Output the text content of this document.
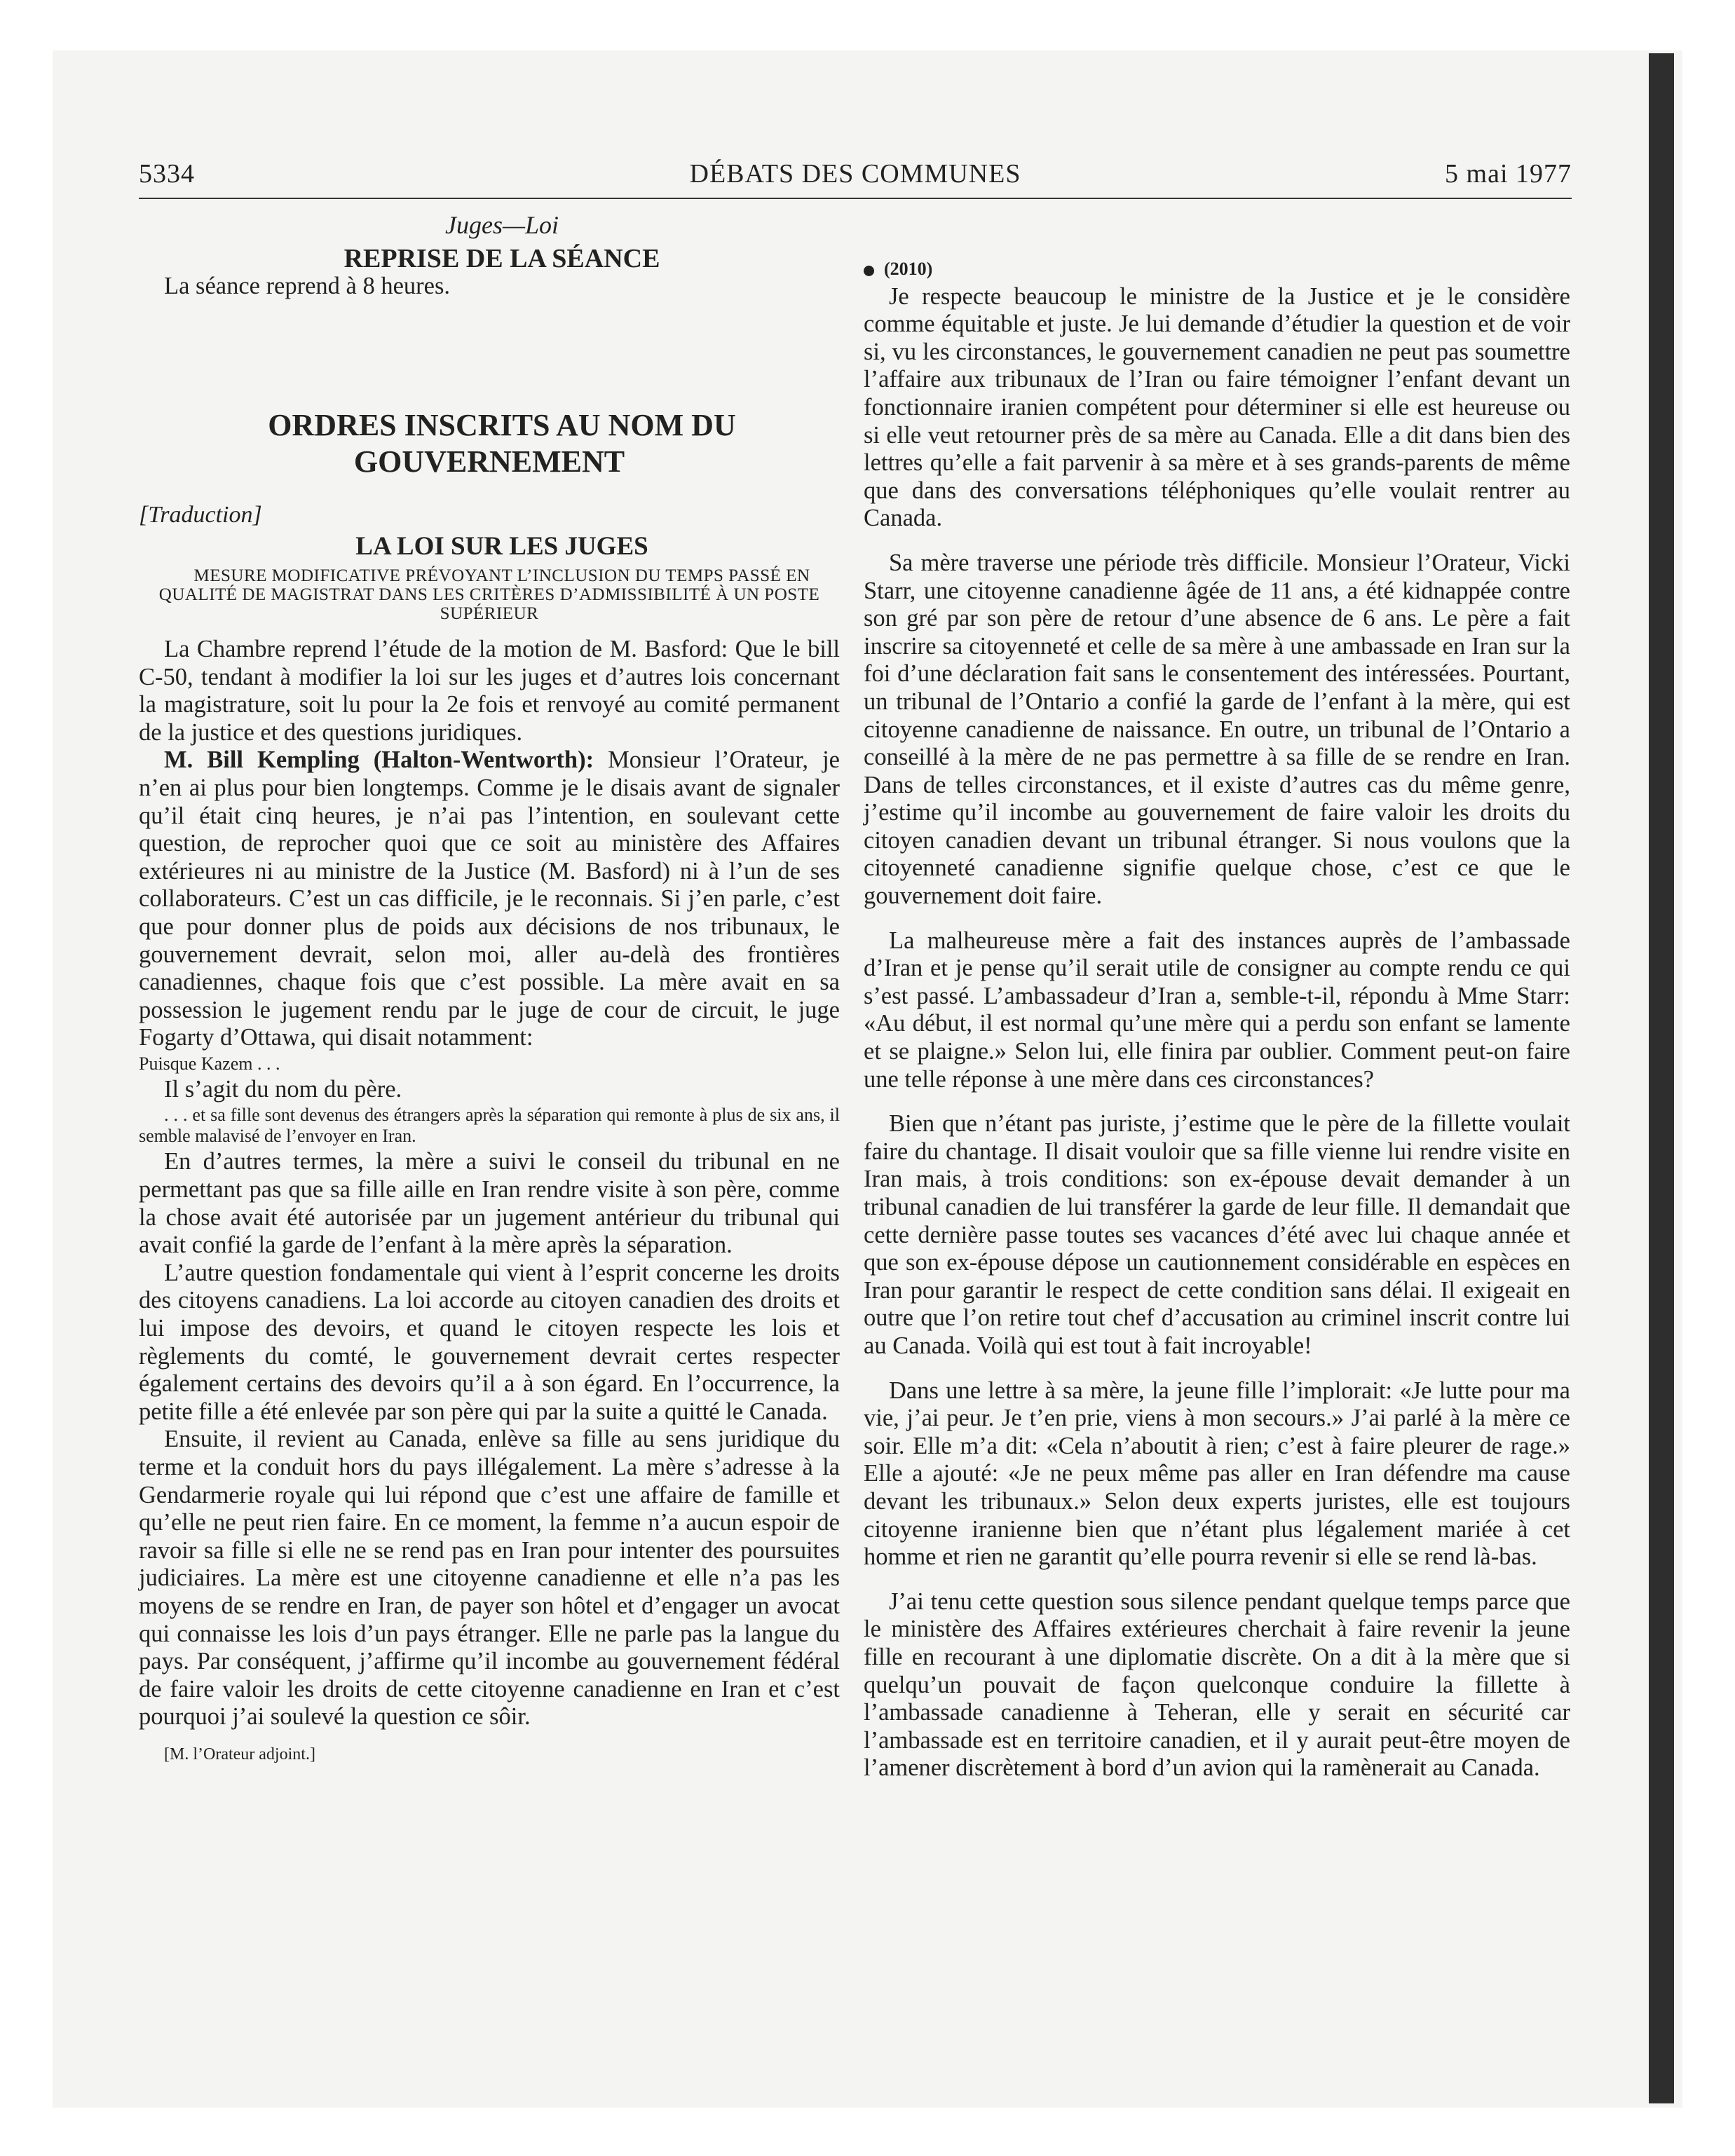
5334	DÉBATS DES COMMUNES	5 mai 1977

Juges—Loi

REPRISE DE LA SÉANCE

La séance reprend à 8 heures.

ORDRES INSCRITS AU NOM DU GOUVERNEMENT

[Traduction]

LA LOI SUR LES JUGES

MESURE MODIFICATIVE PRÉVOYANT L’INCLUSION DU TEMPS PASSÉ EN QUALITÉ DE MAGISTRAT DANS LES CRITÈRES D’ADMISSIBILITÉ À UN POSTE SUPÉRIEUR

La Chambre reprend l’étude de la motion de M. Basford: Que le bill C-50, tendant à modifier la loi sur les juges et d’autres lois concernant la magistrature, soit lu pour la 2e fois et renvoyé au comité permanent de la justice et des questions juridiques.

M. Bill Kempling (Halton-Wentworth): Monsieur l’Orateur, je n’en ai plus pour bien longtemps. Comme je le disais avant de signaler qu’il était cinq heures, je n’ai pas l’intention, en soulevant cette question, de reprocher quoi que ce soit au ministère des Affaires extérieures ni au ministre de la Justice (M. Basford) ni à l’un de ses collaborateurs. C’est un cas difficile, je le reconnais. Si j’en parle, c’est que pour donner plus de poids aux décisions de nos tribunaux, le gouvernement devrait, selon moi, aller au-delà des frontières canadiennes, chaque fois que c’est possible. La mère avait en sa possession le jugement rendu par le juge de cour de circuit, le juge Fogarty d’Ottawa, qui disait notamment:

Puisque Kazem . . .

Il s’agit du nom du père.

. . . et sa fille sont devenus des étrangers après la séparation qui remonte à plus de six ans, il semble malavisé de l’envoyer en Iran.

En d’autres termes, la mère a suivi le conseil du tribunal en ne permettant pas que sa fille aille en Iran rendre visite à son père, comme la chose avait été autorisée par un jugement antérieur du tribunal qui avait confié la garde de l’enfant à la mère après la séparation.

L’autre question fondamentale qui vient à l’esprit concerne les droits des citoyens canadiens. La loi accorde au citoyen canadien des droits et lui impose des devoirs, et quand le citoyen respecte les lois et règlements du comté, le gouvernement devrait certes respecter également certains des devoirs qu’il a à son égard. En l’occurrence, la petite fille a été enlevée par son père qui par la suite a quitté le Canada.

Ensuite, il revient au Canada, enlève sa fille au sens juridique du terme et la conduit hors du pays illégalement. La mère s’adresse à la Gendarmerie royale qui lui répond que c’est une affaire de famille et qu’elle ne peut rien faire. En ce moment, la femme n’a aucun espoir de ravoir sa fille si elle ne se rend pas en Iran pour intenter des poursuites judiciaires. La mère est une citoyenne canadienne et elle n’a pas les moyens de se rendre en Iran, de payer son hôtel et d’engager un avocat qui connaisse les lois d’un pays étranger. Elle ne parle pas la langue du pays. Par conséquent, j’affirme qu’il incombe au gouvernement fédéral de faire valoir les droits de cette citoyenne canadienne en Iran et c’est pourquoi j’ai soulevé la question ce sôir.

[M. l’Orateur adjoint.]

(2010)

Je respecte beaucoup le ministre de la Justice et je le considère comme équitable et juste. Je lui demande d’étudier la question et de voir si, vu les circonstances, le gouvernement canadien ne peut pas soumettre l’affaire aux tribunaux de l’Iran ou faire témoigner l’enfant devant un fonctionnaire iranien compétent pour déterminer si elle est heureuse ou si elle veut retourner près de sa mère au Canada. Elle a dit dans bien des lettres qu’elle a fait parvenir à sa mère et à ses grands-parents de même que dans des conversations téléphoniques qu’elle voulait rentrer au Canada.

Sa mère traverse une période très difficile. Monsieur l’Orateur, Vicki Starr, une citoyenne canadienne âgée de 11 ans, a été kidnappée contre son gré par son père de retour d’une absence de 6 ans. Le père a fait inscrire sa citoyenneté et celle de sa mère à une ambassade en Iran sur la foi d’une déclaration fait sans le consentement des intéressées. Pourtant, un tribunal de l’Ontario a confié la garde de l’enfant à la mère, qui est citoyenne canadienne de naissance. En outre, un tribunal de l’Ontario a conseillé à la mère de ne pas permettre à sa fille de se rendre en Iran. Dans de telles circonstances, et il existe d’autres cas du même genre, j’estime qu’il incombe au gouvernement de faire valoir les droits du citoyen canadien devant un tribunal étranger. Si nous voulons que la citoyenneté canadienne signifie quelque chose, c’est ce que le gouvernement doit faire.

La malheureuse mère a fait des instances auprès de l’ambassade d’Iran et je pense qu’il serait utile de consigner au compte rendu ce qui s’est passé. L’ambassadeur d’Iran a, semble-t-il, répondu à Mme Starr: «Au début, il est normal qu’une mère qui a perdu son enfant se lamente et se plaigne.» Selon lui, elle finira par oublier. Comment peut-on faire une telle réponse à une mère dans ces circonstances?

Bien que n’étant pas juriste, j’estime que le père de la fillette voulait faire du chantage. Il disait vouloir que sa fille vienne lui rendre visite en Iran mais, à trois conditions: son ex-épouse devait demander à un tribunal canadien de lui transférer la garde de leur fille. Il demandait que cette dernière passe toutes ses vacances d’été avec lui chaque année et que son ex-épouse dépose un cautionnement considérable en espèces en Iran pour garantir le respect de cette condition sans délai. Il exigeait en outre que l’on retire tout chef d’accusation au criminel inscrit contre lui au Canada. Voilà qui est tout à fait incroyable!

Dans une lettre à sa mère, la jeune fille l’implorait: «Je lutte pour ma vie, j’ai peur. Je t’en prie, viens à mon secours.» J’ai parlé à la mère ce soir. Elle m’a dit: «Cela n’aboutit à rien; c’est à faire pleurer de rage.» Elle a ajouté: «Je ne peux même pas aller en Iran défendre ma cause devant les tribunaux.» Selon deux experts juristes, elle est toujours citoyenne iranienne bien que n’étant plus légalement mariée à cet homme et rien ne garantit qu’elle pourra revenir si elle se rend là-bas.

J’ai tenu cette question sous silence pendant quelque temps parce que le ministère des Affaires extérieures cherchait à faire revenir la jeune fille en recourant à une diplomatie discrète. On a dit à la mère que si quelqu’un pouvait de façon quelconque conduire la fillette à l’ambassade canadienne à Teheran, elle y serait en sécurité car l’ambassade est en territoire canadien, et il y aurait peut-être moyen de l’amener discrètement à bord d’un avion qui la ramènerait au Canada.
